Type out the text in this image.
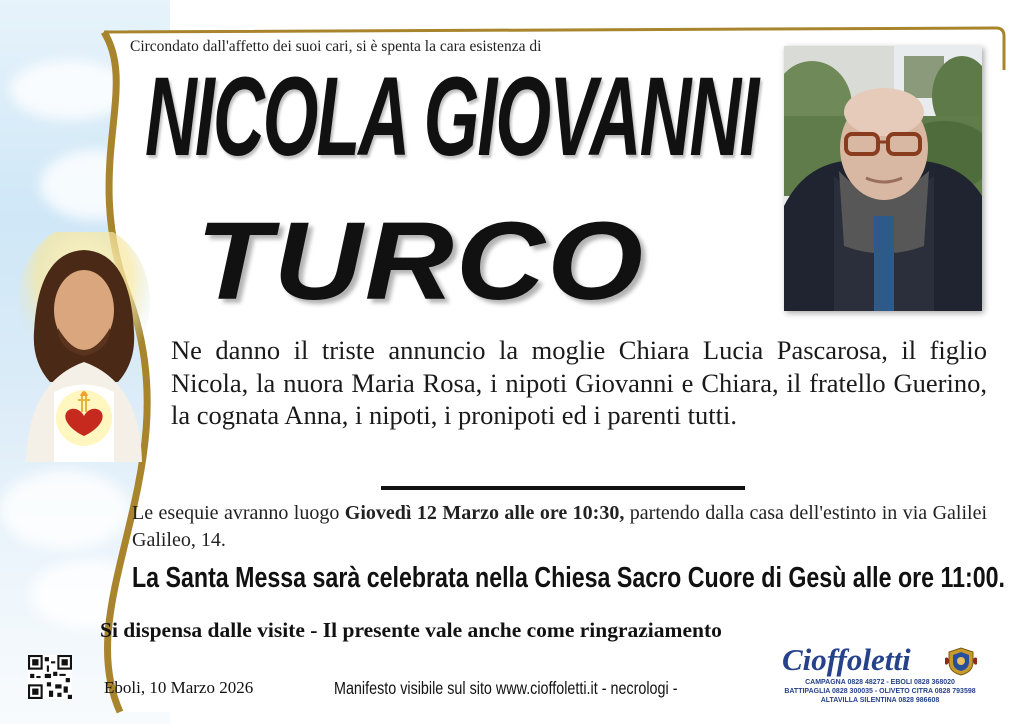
Circondato dall'affetto dei suoi cari, si è spenta la cara esistenza di
NICOLA GIOVANNI
TURCO
Ne danno il triste annuncio la moglie Chiara Lucia Pascarosa, il figlio Nicola, la nuora Maria Rosa, i nipoti Giovanni e Chiara, il fratello Guerino, la cognata Anna, i nipoti, i pronipoti ed i parenti tutti.
Le esequie avranno luogo Giovedì 12 Marzo alle ore 10:30, partendo dalla casa dell'estinto in via Galilei Galileo, 14.
La Santa Messa sarà celebrata nella Chiesa Sacro Cuore di Gesù alle ore 11:00.
Si dispensa dalle visite - Il presente vale anche come ringraziamento
Eboli, 10 Marzo 2026	Manifesto visibile sul sito www.cioffoletti.it - necrologi -
Cioffoletti
CAMPAGNA 0828 48272 - EBOLI 0828 368020
BATTIPAGLIA 0828 300035 - OLIVETO CITRA 0828 793598
ALTAVILLA SILENTINA 0828 986608
